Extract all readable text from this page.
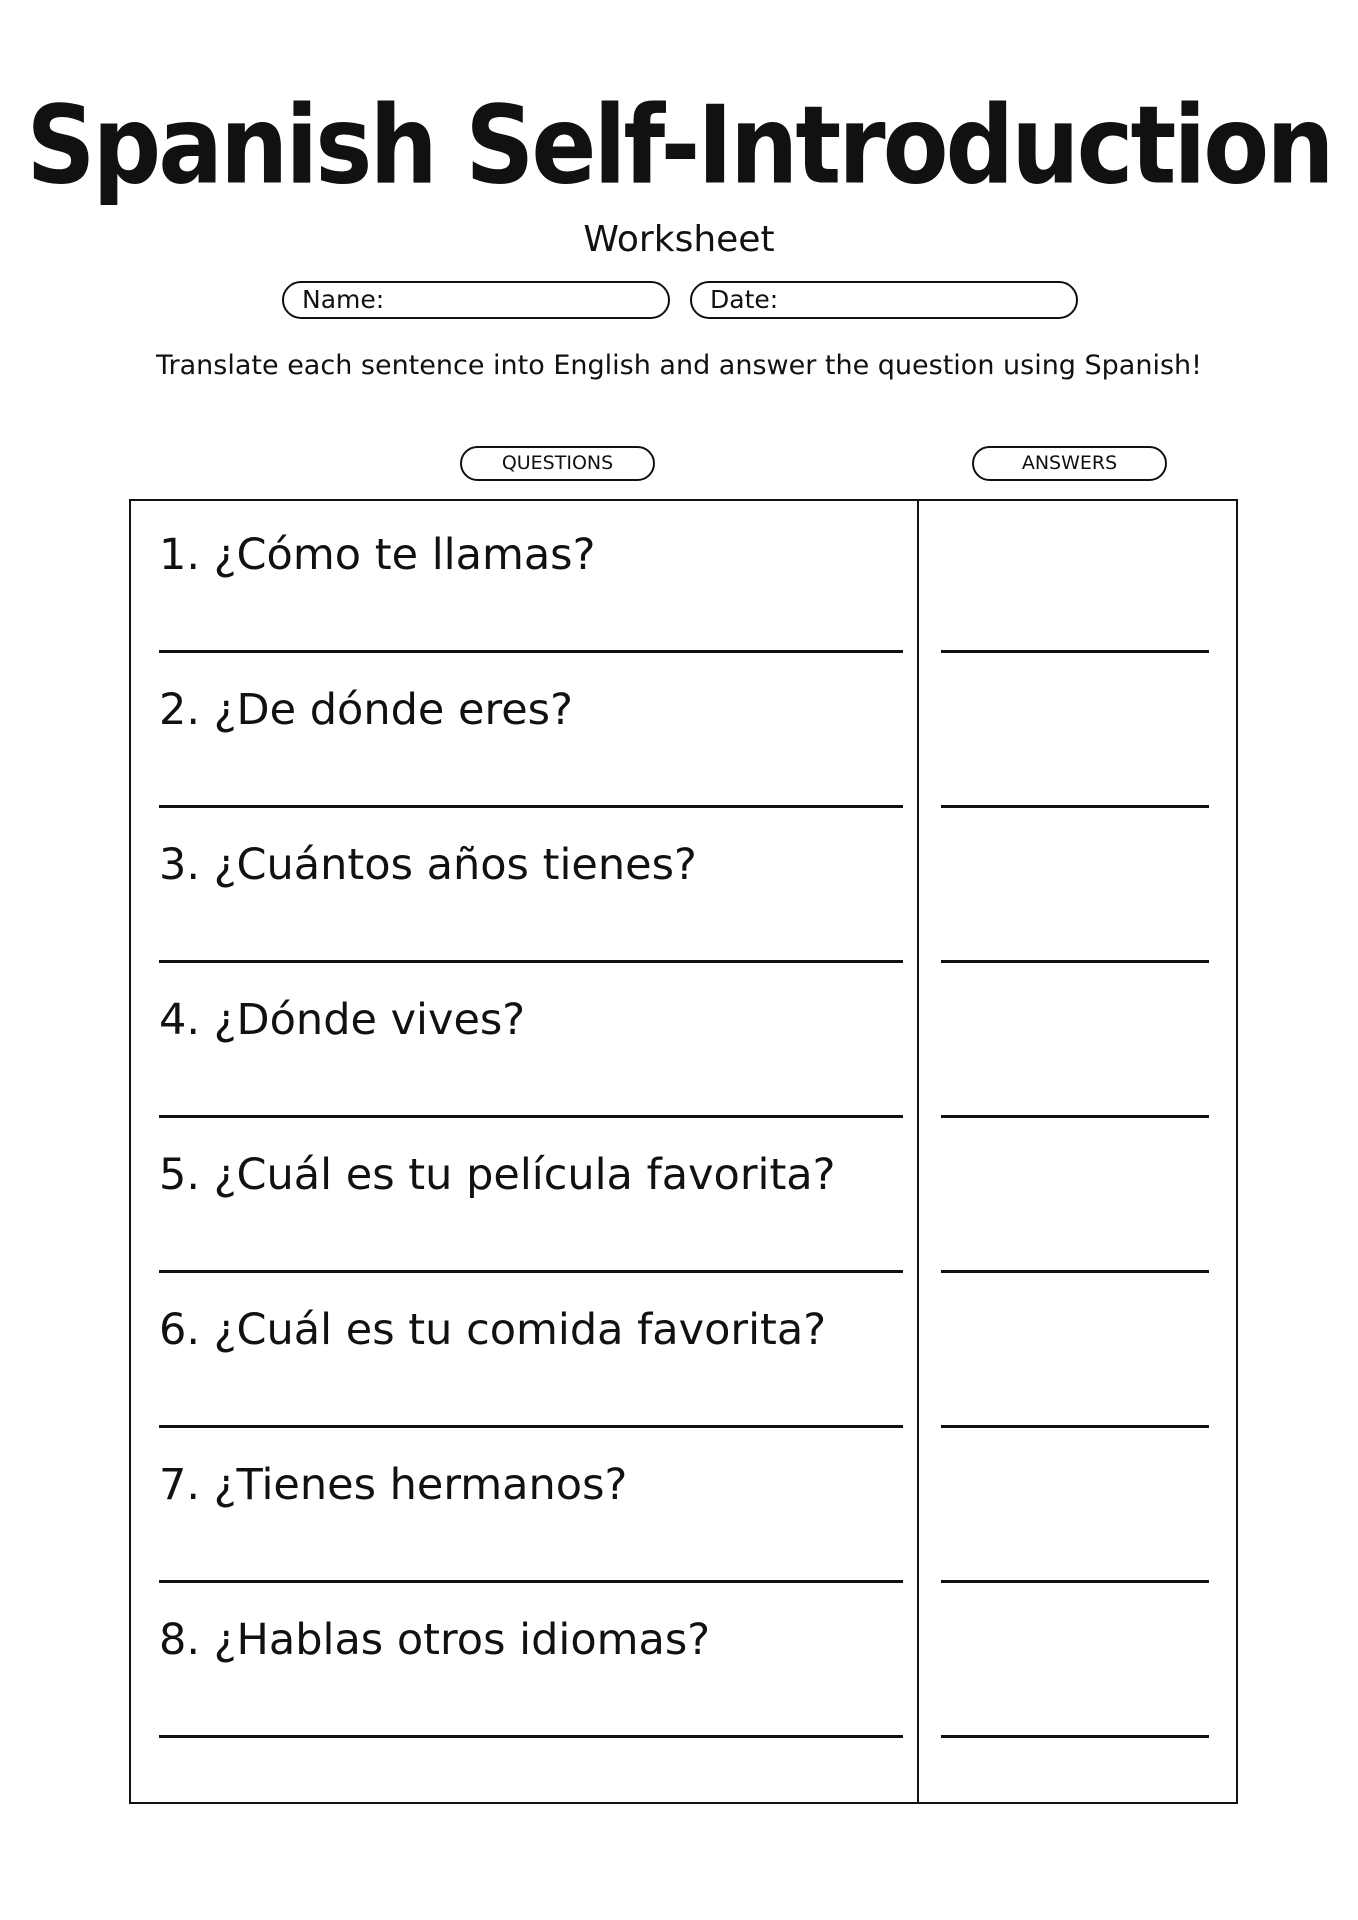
Spanish Self-Introduction
Worksheet
Name:	Date:
Translate each sentence into English and answer the question using Spanish!
QUESTIONS	ANSWERS
1. ¿Cómo te llamas?
2. ¿De dónde eres?
3. ¿Cuántos años tienes?
4. ¿Dónde vives?
5. ¿Cuál es tu película favorita?
6. ¿Cuál es tu comida favorita?
7. ¿Tienes hermanos?
8. ¿Hablas otros idiomas?
